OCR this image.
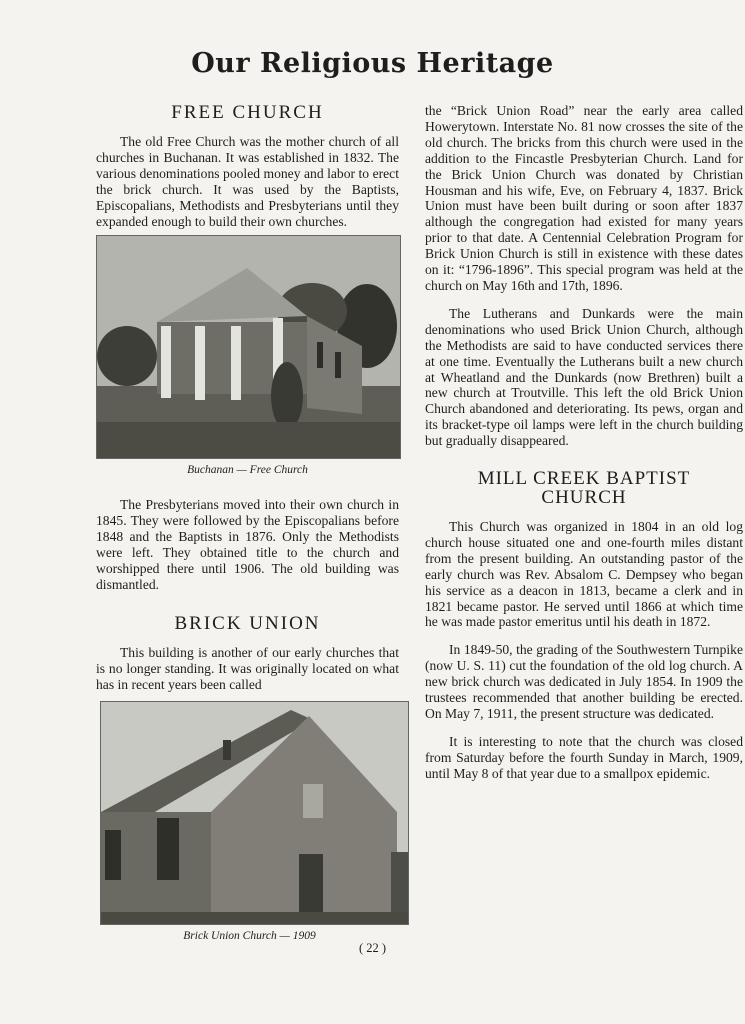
Our Religious Heritage
FREE CHURCH

The old Free Church was the mother church of all churches in Buchanan. It was established in 1832. The various denominations pooled money and labor to erect the brick church. It was used by the Baptists, Episcopalians, Methodists and Presbyterians until they expanded enough to build their own churches.

Buchanan — Free Church

The Presbyterians moved into their own church in 1845. They were followed by the Episcopalians before 1848 and the Baptists in 1876. Only the Methodists were left. They obtained title to the church and worshipped there until 1906. The old building was dismantled.

BRICK UNION

This building is another of our early churches that is no longer standing. It was originally located on what has in recent years been called

Brick Union Church — 1909

the “Brick Union Road” near the early area called Howerytown. Interstate No. 81 now crosses the site of the old church. The bricks from this church were used in the addition to the Fincastle Presbyterian Church. Land for the Brick Union Church was donated by Christian Housman and his wife, Eve, on February 4, 1837. Brick Union must have been built during or soon after 1837 although the congregation had existed for many years prior to that date. A Centennial Celebration Program for Brick Union Church is still in existence with these dates on it: “1796-1896”. This special program was held at the church on May 16th and 17th, 1896.

The Lutherans and Dunkards were the main denominations who used Brick Union Church, although the Methodists are said to have conducted services there at one time. Eventually the Lutherans built a new church at Wheatland and the Dunkards (now Brethren) built a new church at Troutville. This left the old Brick Union Church abandoned and deteriorating. Its pews, organ and its bracket-type oil lamps were left in the church building but gradually disappeared.

MILL CREEK BAPTIST CHURCH

This Church was organized in 1804 in an old log church house situated one and one-fourth miles distant from the present building. An outstanding pastor of the early church was Rev. Absalom C. Dempsey who began his service as a deacon in 1813, became a clerk and in 1821 became pastor. He served until 1866 at which time he was made pastor emeritus until his death in 1872.

In 1849-50, the grading of the Southwestern Turnpike (now U. S. 11) cut the foundation of the old log church. A new brick church was dedicated in July 1854. In 1909 the trustees recommended that another building be erected. On May 7, 1911, the present structure was dedicated.

It is interesting to note that the church was closed from Saturday before the fourth Sunday in March, 1909, until May 8 of that year due to a smallpox epidemic.

( 22 )
